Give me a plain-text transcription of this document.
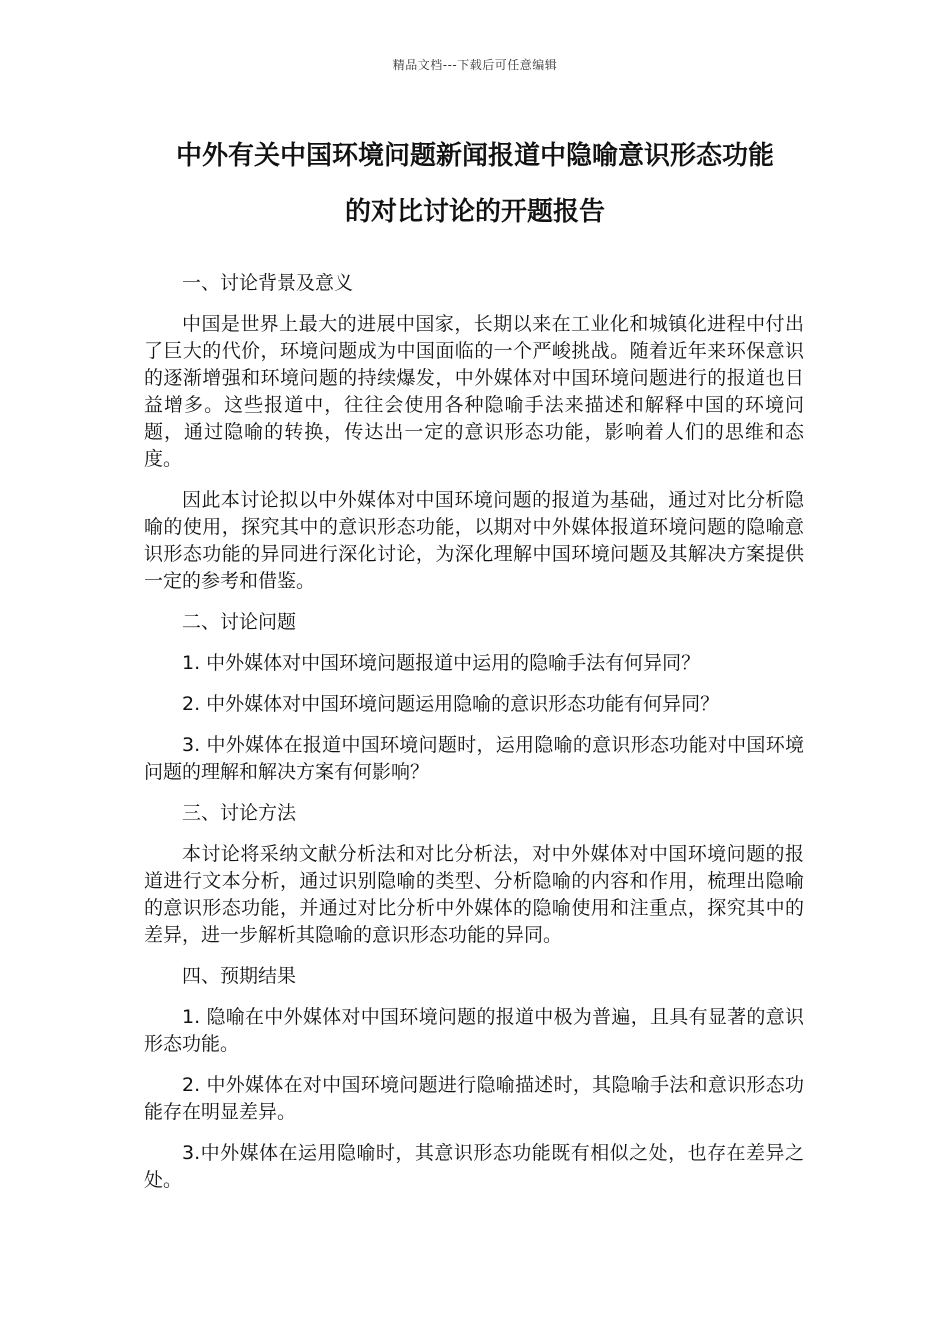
精品文档---下载后可任意编辑
中外有关中国环境问题新闻报道中隐喻意识形态功能
的对比讨论的开题报告

一、讨论背景及意义

中国是世界上最大的进展中国家，长期以来在工业化和城镇化进程中付出了巨大的代价，环境问题成为中国面临的一个严峻挑战。随着近年来环保意识的逐渐增强和环境问题的持续爆发，中外媒体对中国环境问题进行的报道也日益增多。这些报道中，往往会使用各种隐喻手法来描述和解释中国的环境问题，通过隐喻的转换，传达出一定的意识形态功能，影响着人们的思维和态度。

因此本讨论拟以中外媒体对中国环境问题的报道为基础，通过对比分析隐喻的使用，探究其中的意识形态功能，以期对中外媒体报道环境问题的隐喻意识形态功能的异同进行深化讨论，为深化理解中国环境问题及其解决方案提供一定的参考和借鉴。

二、讨论问题

1. 中外媒体对中国环境问题报道中运用的隐喻手法有何异同？

2. 中外媒体对中国环境问题运用隐喻的意识形态功能有何异同？

3. 中外媒体在报道中国环境问题时，运用隐喻的意识形态功能对中国环境问题的理解和解决方案有何影响？

三、讨论方法

本讨论将采纳文献分析法和对比分析法，对中外媒体对中国环境问题的报道进行文本分析，通过识别隐喻的类型、分析隐喻的内容和作用，梳理出隐喻的意识形态功能，并通过对比分析中外媒体的隐喻使用和注重点，探究其中的差异，进一步解析其隐喻的意识形态功能的异同。

四、预期结果

1. 隐喻在中外媒体对中国环境问题的报道中极为普遍，且具有显著的意识形态功能。

2. 中外媒体在对中国环境问题进行隐喻描述时，其隐喻手法和意识形态功能存在明显差异。

3.中外媒体在运用隐喻时，其意识形态功能既有相似之处，也存在差异之处。
